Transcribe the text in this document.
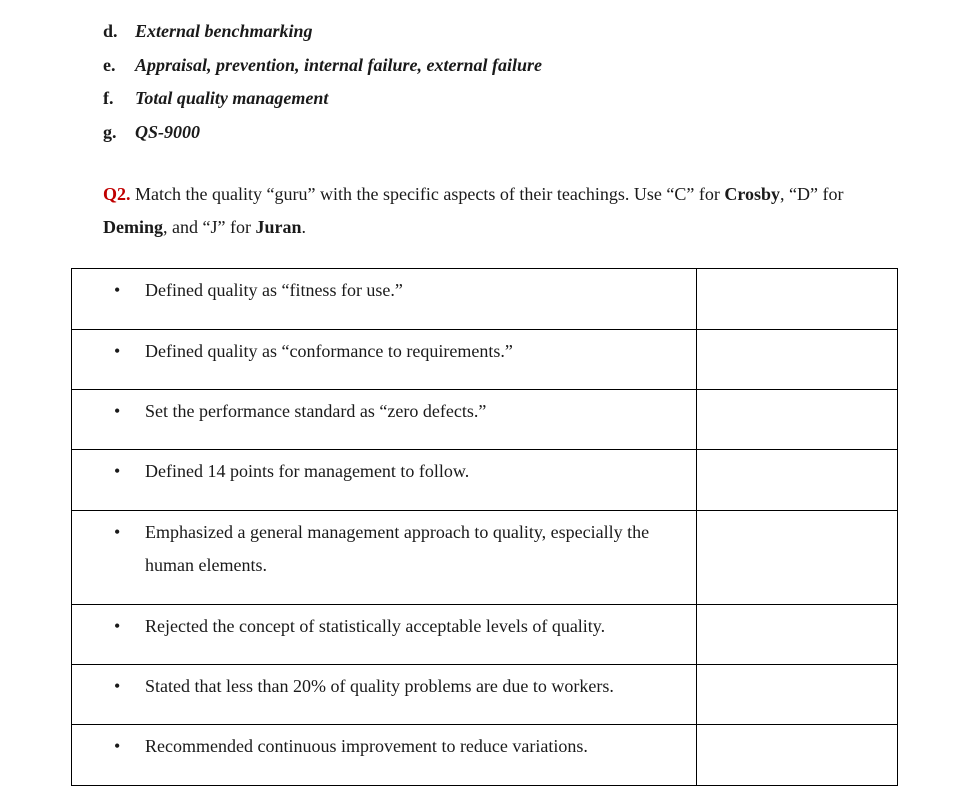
d. External benchmarking
e. Appraisal, prevention, internal failure, external failure
f. Total quality management
g. QS-9000
Q2. Match the quality “guru” with the specific aspects of their teachings. Use “C” for Crosby, “D” for Deming, and “J” for Juran.
• Defined quality as “fitness for use.”	

• Defined quality as “conformance to requirements.”	

• Set the performance standard as “zero defects.”	

• Defined 14 points for management to follow.	

• Emphasized a general management approach to quality, especially the human elements.	

• Rejected the concept of statistically acceptable levels of quality.	

• Stated that less than 20% of quality problems are due to workers.	

• Recommended continuous improvement to reduce variations.	
